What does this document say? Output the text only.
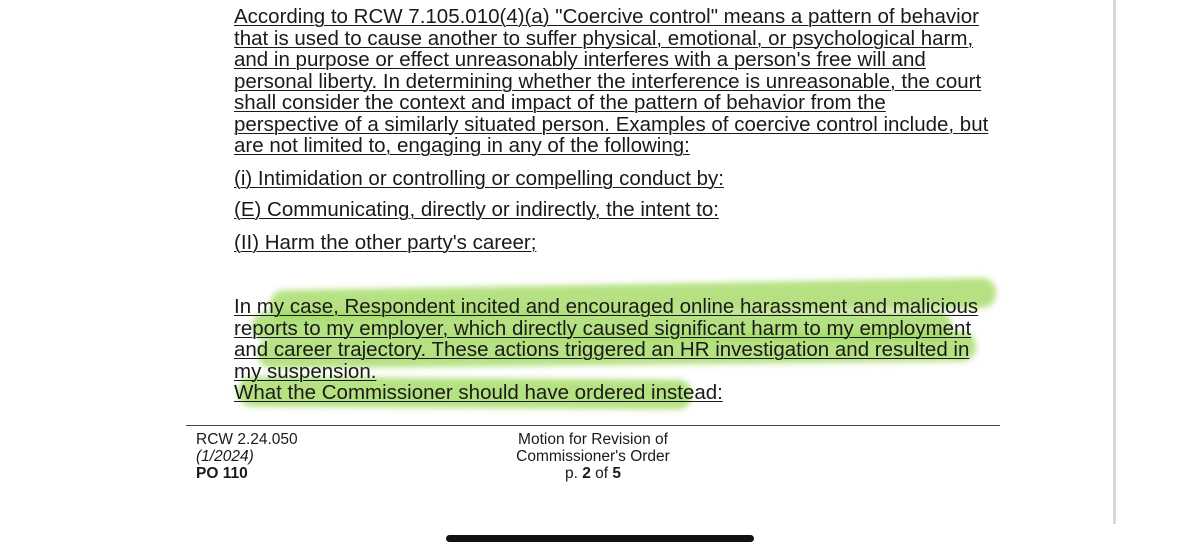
According to RCW 7.105.010(4)(a) "Coercive control" means a pattern of behavior that is used to cause another to suffer physical, emotional, or psychological harm, and in purpose or effect unreasonably interferes with a person's free will and personal liberty. In determining whether the interference is unreasonable, the court shall consider the context and impact of the pattern of behavior from the perspective of a similarly situated person. Examples of coercive control include, but are not limited to, engaging in any of the following:

(i) Intimidation or controlling or compelling conduct by:

(E) Communicating, directly or indirectly, the intent to:

(II) Harm the other party's career;

In my case, Respondent incited and encouraged online harassment and malicious reports to my employer, which directly caused significant harm to my employment and career trajectory. These actions triggered an HR investigation and resulted in my suspension.

What the Commissioner should have ordered instead:

RCW 2.24.050
(1/2024)
PO 110
Motion for Revision of
Commissioner's Order
p. 2 of 5
